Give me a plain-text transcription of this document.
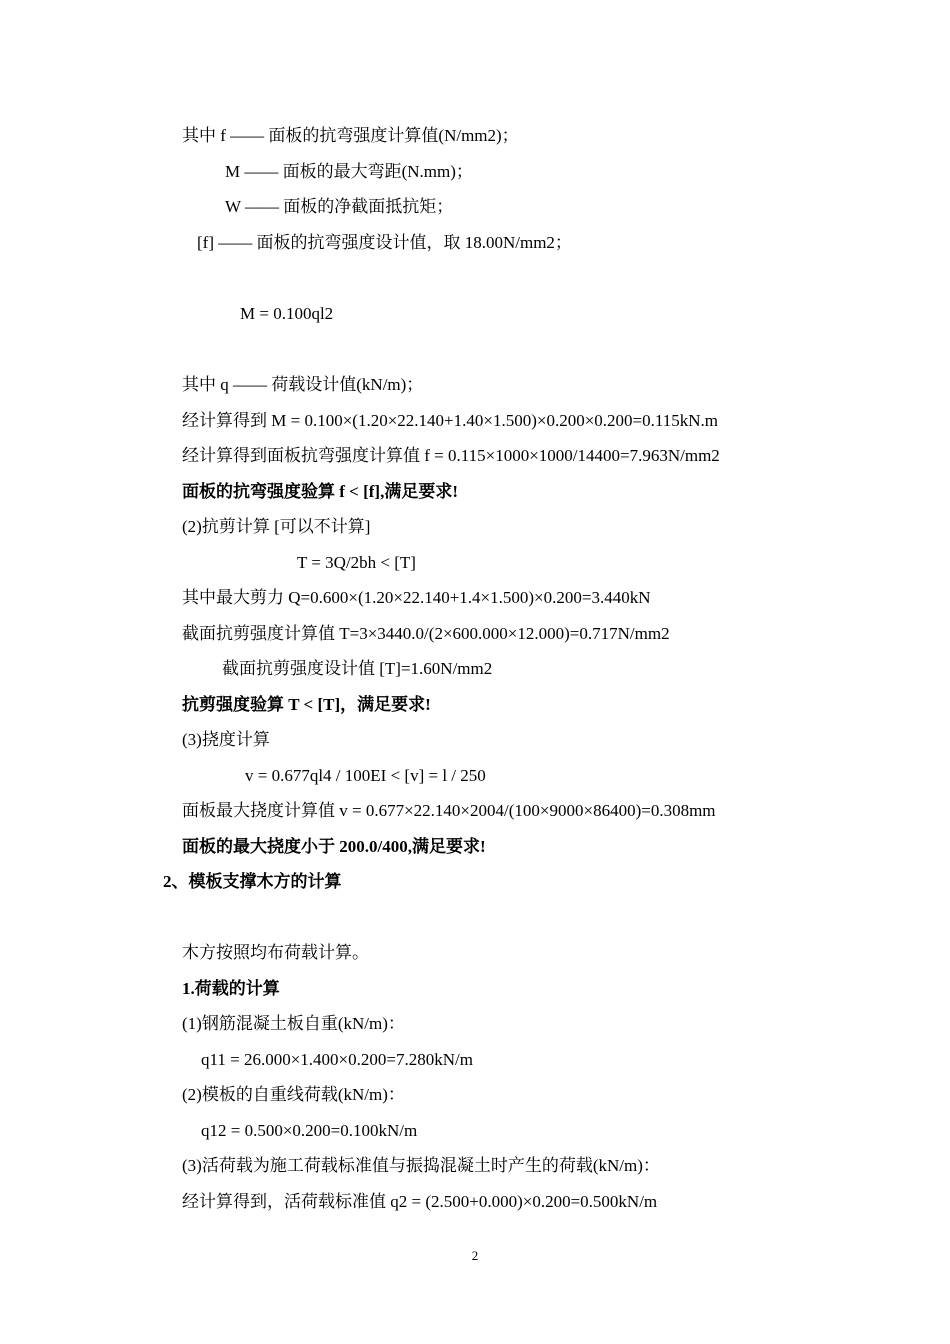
其中 f —— 面板的抗弯强度计算值(N/mm2)；
M —— 面板的最大弯距(N.mm)；
W —— 面板的净截面抵抗矩；
[f] —— 面板的抗弯强度设计值，取 18.00N/mm2；
M = 0.100ql2
其中 q —— 荷载设计值(kN/m)；
经计算得到 M = 0.100×(1.20×22.140+1.40×1.500)×0.200×0.200=0.115kN.m
经计算得到面板抗弯强度计算值 f = 0.115×1000×1000/14400=7.963N/mm2
面板的抗弯强度验算 f < [f],满足要求!
(2)抗剪计算 [可以不计算]
T = 3Q/2bh < [T]
其中最大剪力 Q=0.600×(1.20×22.140+1.4×1.500)×0.200=3.440kN
截面抗剪强度计算值 T=3×3440.0/(2×600.000×12.000)=0.717N/mm2
截面抗剪强度设计值 [T]=1.60N/mm2
抗剪强度验算 T < [T]，满足要求!
(3)挠度计算
v = 0.677ql4 / 100EI < [v] = l / 250
面板最大挠度计算值 v = 0.677×22.140×2004/(100×9000×86400)=0.308mm
面板的最大挠度小于 200.0/400,满足要求!
2、模板支撑木方的计算
木方按照均布荷载计算。
1.荷载的计算
(1)钢筋混凝土板自重(kN/m)：
q11 = 26.000×1.400×0.200=7.280kN/m
(2)模板的自重线荷载(kN/m)：
q12 = 0.500×0.200=0.100kN/m
(3)活荷载为施工荷载标准值与振捣混凝土时产生的荷载(kN/m)：
经计算得到，活荷载标准值 q2 = (2.500+0.000)×0.200=0.500kN/m
2
